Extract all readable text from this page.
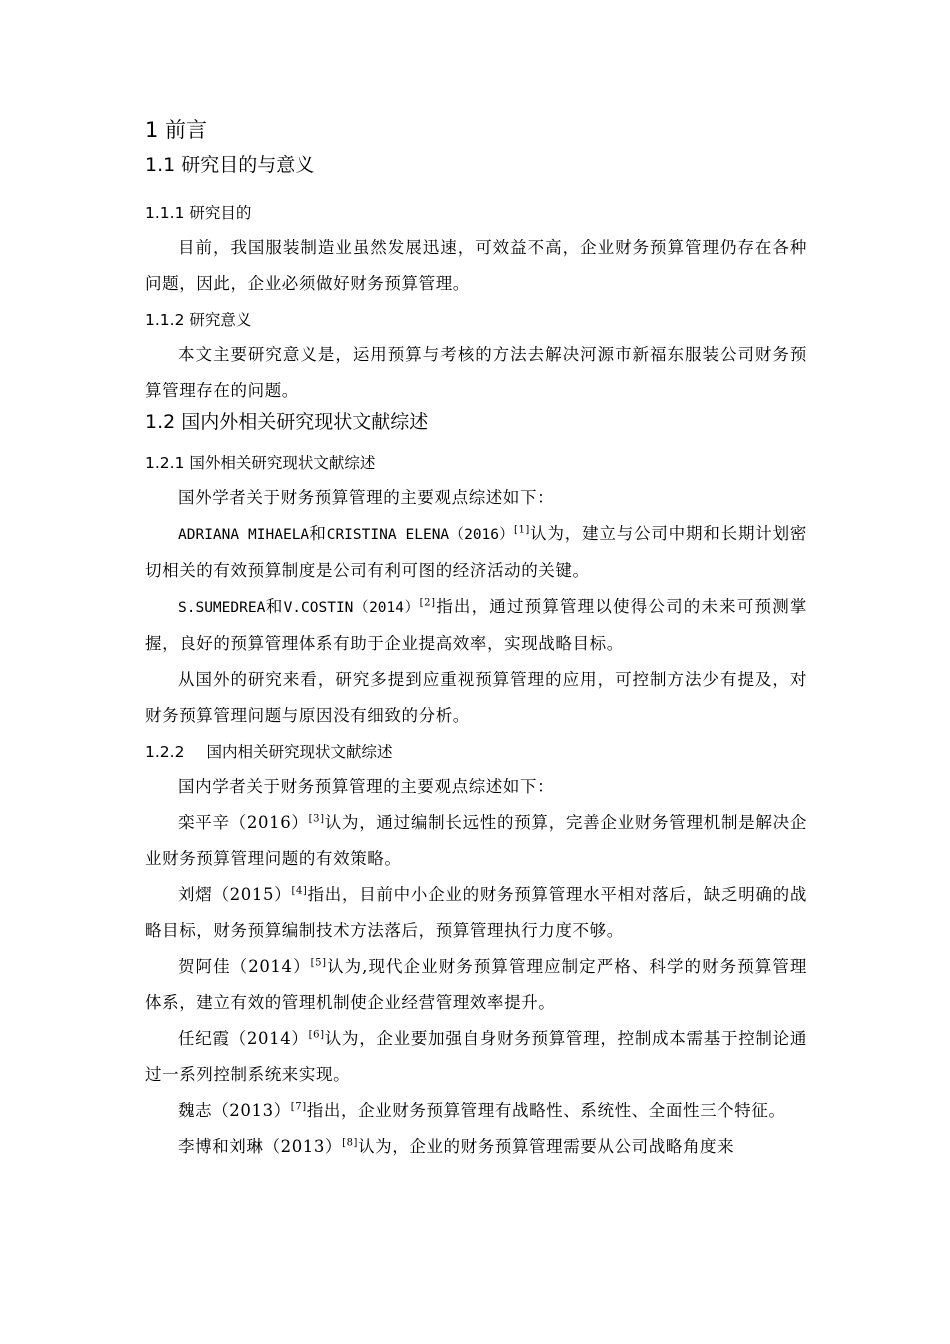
1 前言
1.1 研究目的与意义
1.1.1 研究目的

目前，我国服装制造业虽然发展迅速，可效益不高，企业财务预算管理仍存在各种问题，因此，企业必须做好财务预算管理。

1.1.2 研究意义

本文主要研究意义是，运用预算与考核的方法去解决河源市新福东服装公司财务预算管理存在的问题。

1.2 国内外相关研究现状文献综述
1.2.1 国外相关研究现状文献综述

国外学者关于财务预算管理的主要观点综述如下：

ADRIANA MIHAELA和CRISTINA ELENA（2016）[1]认为，建立与公司中期和长期计划密切相关的有效预算制度是公司有利可图的经济活动的关键。

S.SUMEDREA和V.COSTIN（2014）[2]指出，通过预算管理以使得公司的未来可预测掌握，良好的预算管理体系有助于企业提高效率，实现战略目标。

从国外的研究来看，研究多提到应重视预算管理的应用，可控制方法少有提及，对财务预算管理问题与原因没有细致的分析。

1.2.2 国内相关研究现状文献综述

国内学者关于财务预算管理的主要观点综述如下：

栾平辛（2016）[3]认为，通过编制长远性的预算，完善企业财务管理机制是解决企业财务预算管理问题的有效策略。

刘熠（2015）[4]指出，目前中小企业的财务预算管理水平相对落后，缺乏明确的战略目标，财务预算编制技术方法落后，预算管理执行力度不够。

贺阿佳（2014）[5]认为,现代企业财务预算管理应制定严格、科学的财务预算管理体系，建立有效的管理机制使企业经营管理效率提升。

任纪霞（2014）[6]认为，企业要加强自身财务预算管理，控制成本需基于控制论通过一系列控制系统来实现。

魏志（2013）[7]指出，企业财务预算管理有战略性、系统性、全面性三个特征。

李博和刘琳（2013）[8]认为，企业的财务预算管理需要从公司战略角度来
